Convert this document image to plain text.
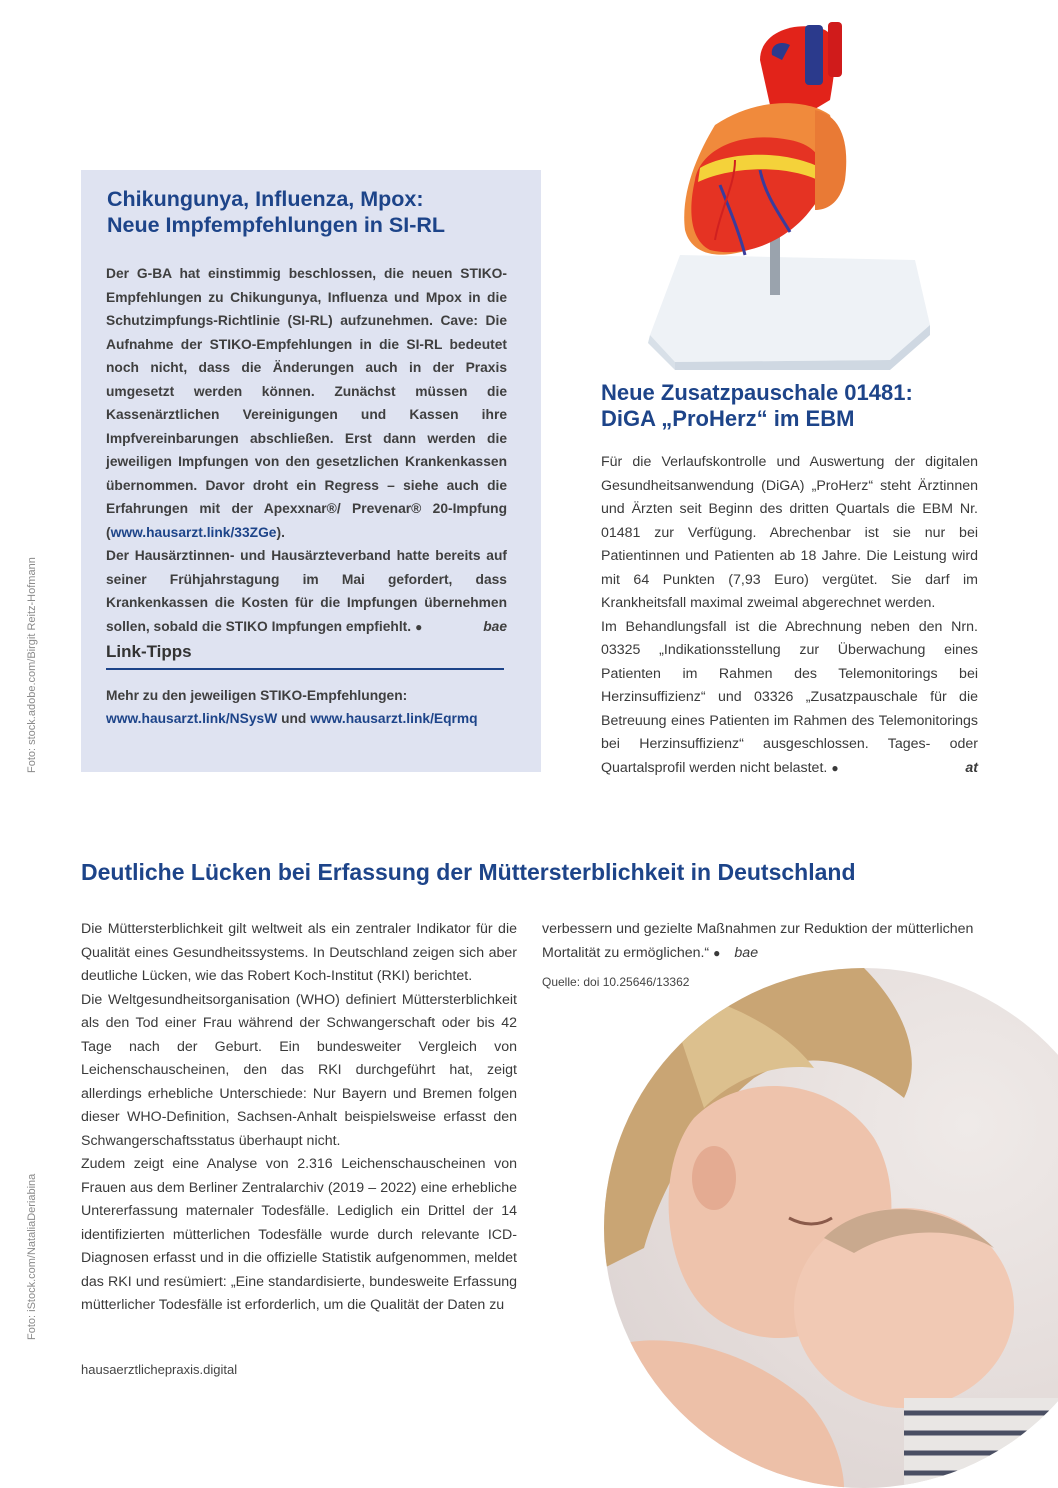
Chikungunya, Influenza, Mpox:
Neue Impfempfehlungen in SI-RL

Der G-BA hat einstimmig beschlossen, die neuen STIKO-Empfehlungen zu Chikungunya, Influenza und Mpox in die Schutzimpfungs-Richtlinie (SI-RL) aufzunehmen. Cave: Die Aufnahme der STIKO-Empfehlungen in die SI-RL bedeutet noch nicht, dass die Änderungen auch in der Praxis umgesetzt werden können. Zunächst müssen die Kassenärztlichen Vereinigungen und Kassen ihre Impfvereinbarungen abschließen. Erst dann werden die jeweiligen Impfungen von den gesetzlichen Krankenkassen übernommen. Davor droht ein Regress – siehe auch die Erfahrungen mit der Apexxnar®/ Prevenar® 20-Impfung (www.hausarzt.link/33ZGe).

Der Hausärztinnen- und Hausärzteverband hatte bereits auf seiner Frühjahrstagung im Mai gefordert, dass Krankenkassen die Kosten für die Impfungen übernehmen sollen, sobald die STIKO Impfungen empfiehlt. ●	bae

Link-Tipps
Mehr zu den jeweiligen STIKO-Empfehlungen:
www.hausarzt.link/NSysW und www.hausarzt.link/Eqrmq
Neue Zusatzpauschale 01481:
DiGA „ProHerz“ im EBM

Für die Verlaufskontrolle und Auswertung der digitalen Gesundheitsanwendung (DiGA) „ProHerz“ steht Ärztinnen und Ärzten seit Beginn des dritten Quartals die EBM Nr. 01481 zur Verfügung. Abrechenbar ist sie nur bei Patientinnen und Patienten ab 18 Jahre. Die Leistung wird mit 64 Punkten (7,93 Euro) vergütet. Sie darf im Krankheitsfall maximal zweimal abgerechnet werden.

Im Behandlungsfall ist die Abrechnung neben den Nrn. 03325 „Indikationsstellung zur Überwachung eines Patienten im Rahmen des Telemonitorings bei Herzinsuffizienz“ und 03326 „Zusatzpauschale für die Betreuung eines Patienten im Rahmen des Telemonitorings bei Herzinsuffizienz“ ausgeschlossen. Tages- oder Quartalsprofil werden nicht belastet. ●	at

Deutliche Lücken bei Erfassung der Müttersterblichkeit in Deutschland

Die Müttersterblichkeit gilt weltweit als ein zentraler Indikator für die Qualität eines Gesundheitssystems. In Deutschland zeigen sich aber deutliche Lücken, wie das Robert Koch-Institut (RKI) berichtet.

Die Weltgesundheitsorganisation (WHO) definiert Müttersterblichkeit als den Tod einer Frau während der Schwangerschaft oder bis 42 Tage nach der Geburt. Ein bundesweiter Vergleich von Leichenschauscheinen, den das RKI durchgeführt hat, zeigt allerdings erhebliche Unterschiede: Nur Bayern und Bremen folgen dieser WHO-Definition, Sachsen-Anhalt beispielsweise erfasst den Schwangerschaftsstatus überhaupt nicht.

Zudem zeigt eine Analyse von 2.316 Leichenschauscheinen von Frauen aus dem Berliner Zentralarchiv (2019 – 2022) eine erhebliche Untererfassung maternaler Todesfälle. Lediglich ein Drittel der 14 identifizierten mütterlichen Todesfälle wurde durch relevante ICD-Diagnosen erfasst und in die offizielle Statistik aufgenommen, meldet das RKI und resümiert: „Eine standardisierte, bundesweite Erfassung mütterlicher Todesfälle ist erforderlich, um die Qualität der Daten zu

verbessern und gezielte Maßnahmen zur Reduktion der mütterlichen Mortalität zu ermöglichen.“ ● bae

Quelle: doi 10.25646/13362
Foto: stock.adobe.com/Birgit Reitz-Hofmann
Foto: iStock.com/NataliaDeriabina
hausaerztlichepraxis.digital
